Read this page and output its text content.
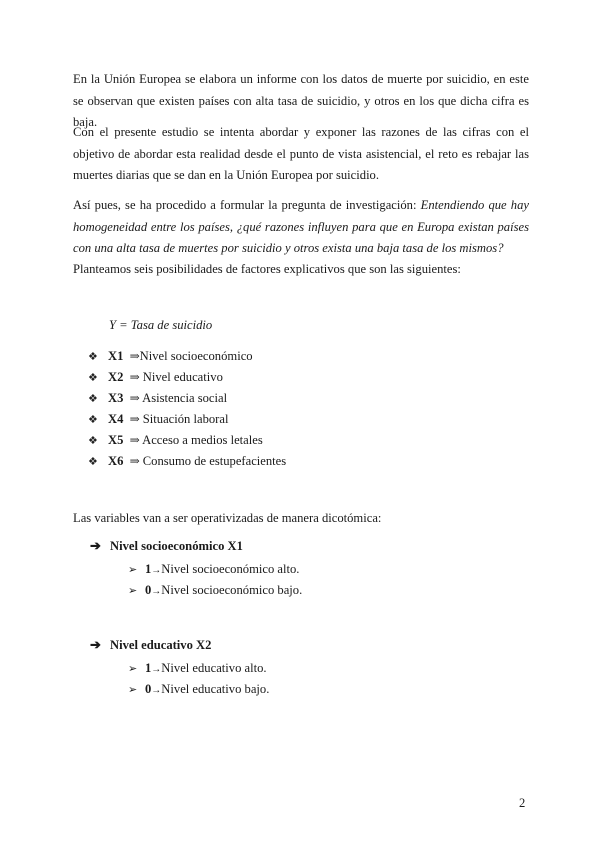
En la Unión Europea se elabora un informe con los datos de muerte por suicidio, en este se observan que existen países con alta tasa de suicidio, y otros en los que dicha cifra es baja.

Con el presente estudio se intenta abordar y exponer las razones de las cifras con el objetivo de abordar esta realidad desde el punto de vista asistencial, el reto es rebajar las muertes diarias que se dan en la Unión Europea por suicidio.

Así pues, se ha procedido a formular la pregunta de investigación: Entendiendo que hay homogeneidad entre los países, ¿qué razones influyen para que en Europa existan países con una alta tasa de muertes por suicidio y otros exista una baja tasa de los mismos?

Planteamos seis posibilidades de factores explicativos que son las siguientes:

Y = Tasa de suicidio

❖ X1 ⇒Nivel socioeconómico
❖ X2 ⇒ Nivel educativo
❖ X3 ⇒ Asistencia social
❖ X4 ⇒ Situación laboral
❖ X5 ⇒ Acceso a medios letales
❖ X6 ⇒ Consumo de estupefacientes

Las variables van a ser operativizadas de manera dicotómica:

➔ Nivel socioeconómico X1

➢ 1→Nivel socioeconómico alto.
➢ 0→Nivel socioeconómico bajo.

➔ Nivel educativo X2

➢ 1→Nivel educativo alto.
➢ 0→Nivel educativo bajo.

2
